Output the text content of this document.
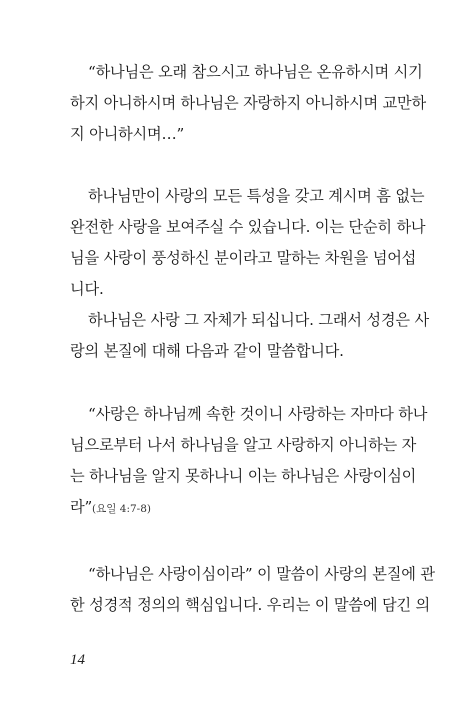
“하나님은 오래 참으시고 하나님은 온유하시며 시기
하지 아니하시며 하나님은 자랑하지 아니하시며 교만하
지 아니하시며…”
하나님만이 사랑의 모든 특성을 갖고 계시며 흠 없는
완전한 사랑을 보여주실 수 있습니다. 이는 단순히 하나
님을 사랑이 풍성하신 분이라고 말하는 차원을 넘어섭
니다.
하나님은 사랑 그 자체가 되십니다. 그래서 성경은 사
랑의 본질에 대해 다음과 같이 말씀합니다.
“사랑은 하나님께 속한 것이니 사랑하는 자마다 하나
님으로부터 나서 하나님을 알고 사랑하지 아니하는 자
는 하나님을 알지 못하나니 이는 하나님은 사랑이심이
라”(요일 4:7-8)
“하나님은 사랑이심이라” 이 말씀이 사랑의 본질에 관
한 성경적 정의의 핵심입니다. 우리는 이 말씀에 담긴 의
14
